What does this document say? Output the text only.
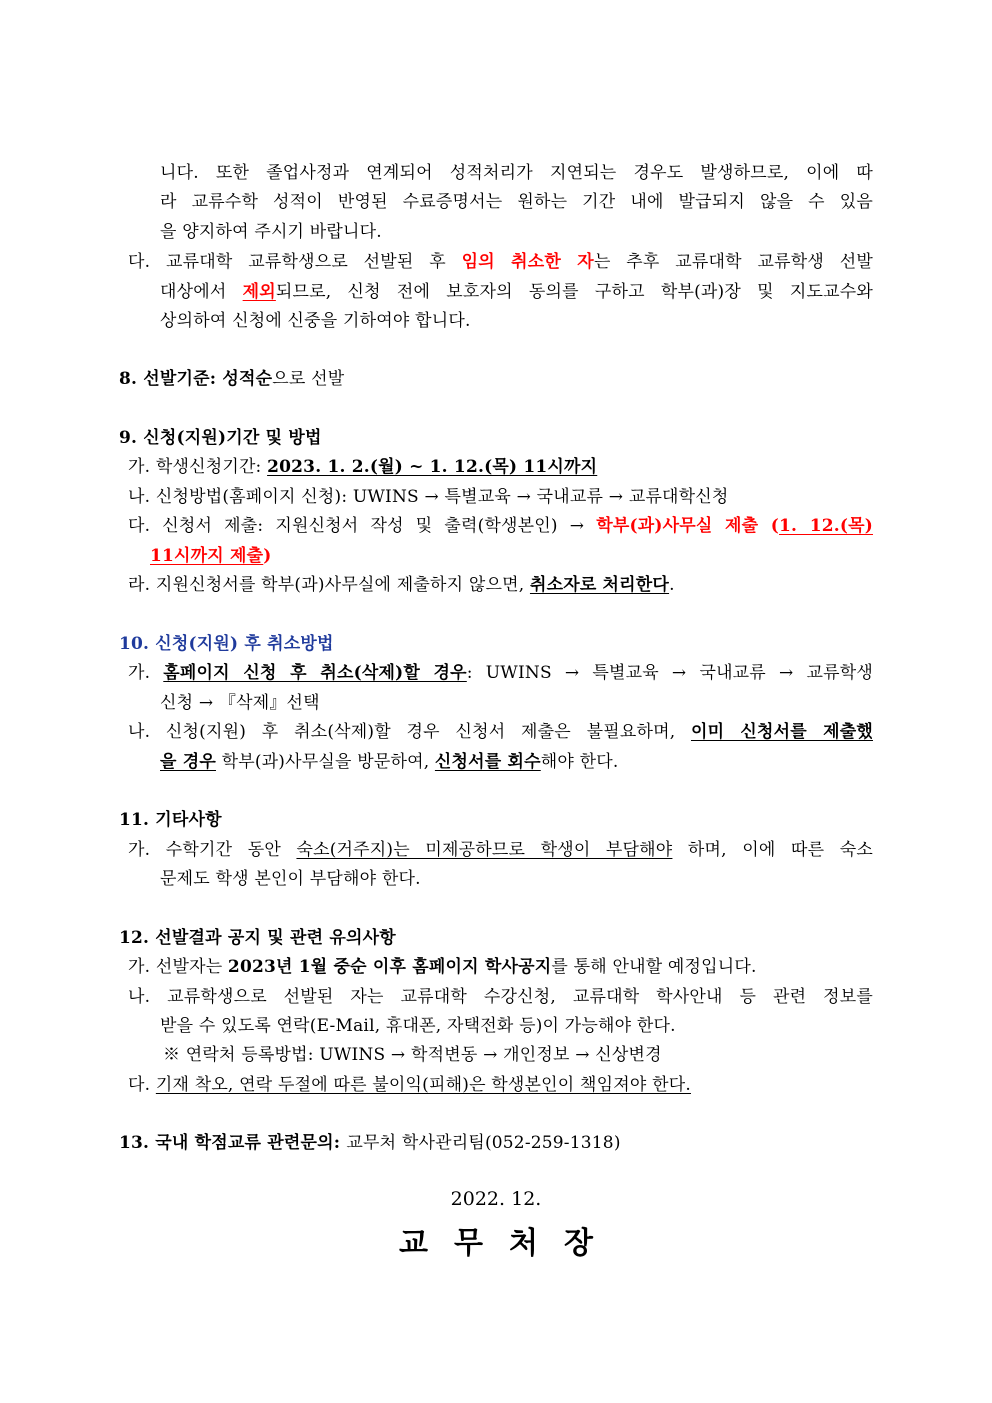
니다. 또한 졸업사정과 연계되어 성적처리가 지연되는 경우도 발생하므로, 이에 따
라 교류수학 성적이 반영된 수료증명서는 원하는 기간 내에 발급되지 않을 수 있음
을 양지하여 주시기 바랍니다.
다. 교류대학 교류학생으로 선발된 후 임의 취소한 자는 추후 교류대학 교류학생 선발
대상에서 제외되므로, 신청 전에 보호자의 동의를 구하고 학부(과)장 및 지도교수와
상의하여 신청에 신중을 기하여야 합니다.
8. 선발기준: 성적순으로 선발
9. 신청(지원)기간 및 방법
가. 학생신청기간: 2023. 1. 2.(월) ~ 1. 12.(목) 11시까지
나. 신청방법(홈페이지 신청): UWINS → 특별교육 → 국내교류 → 교류대학신청
다. 신청서 제출: 지원신청서 작성 및 출력(학생본인) → 학부(과)사무실 제출 (1. 12.(목)
11시까지 제출)
라. 지원신청서를 학부(과)사무실에 제출하지 않으면, 취소자로 처리한다.
10. 신청(지원) 후 취소방법
가. 홈페이지 신청 후 취소(삭제)할 경우: UWINS → 특별교육 → 국내교류 → 교류학생
신청 → 『삭제』선택
나. 신청(지원) 후 취소(삭제)할 경우 신청서 제출은 불필요하며, 이미 신청서를 제출했
을 경우 학부(과)사무실을 방문하여, 신청서를 회수해야 한다.
11. 기타사항
가. 수학기간 동안 숙소(거주지)는 미제공하므로 학생이 부담해야 하며, 이에 따른 숙소
문제도 학생 본인이 부담해야 한다.
12. 선발결과 공지 및 관련 유의사항
가. 선발자는 2023년 1월 중순 이후 홈페이지 학사공지를 통해 안내할 예정입니다.
나. 교류학생으로 선발된 자는 교류대학 수강신청, 교류대학 학사안내 등 관련 정보를
받을 수 있도록 연락(E-Mail, 휴대폰, 자택전화 등)이 가능해야 한다.
※ 연락처 등록방법: UWINS → 학적변동 → 개인정보 → 신상변경
다. 기재 착오, 연락 두절에 따른 불이익(피해)은 학생본인이 책임져야 한다.
13. 국내 학점교류 관련문의: 교무처 학사관리팀(052-259-1318)
2022. 12.
교무처장
